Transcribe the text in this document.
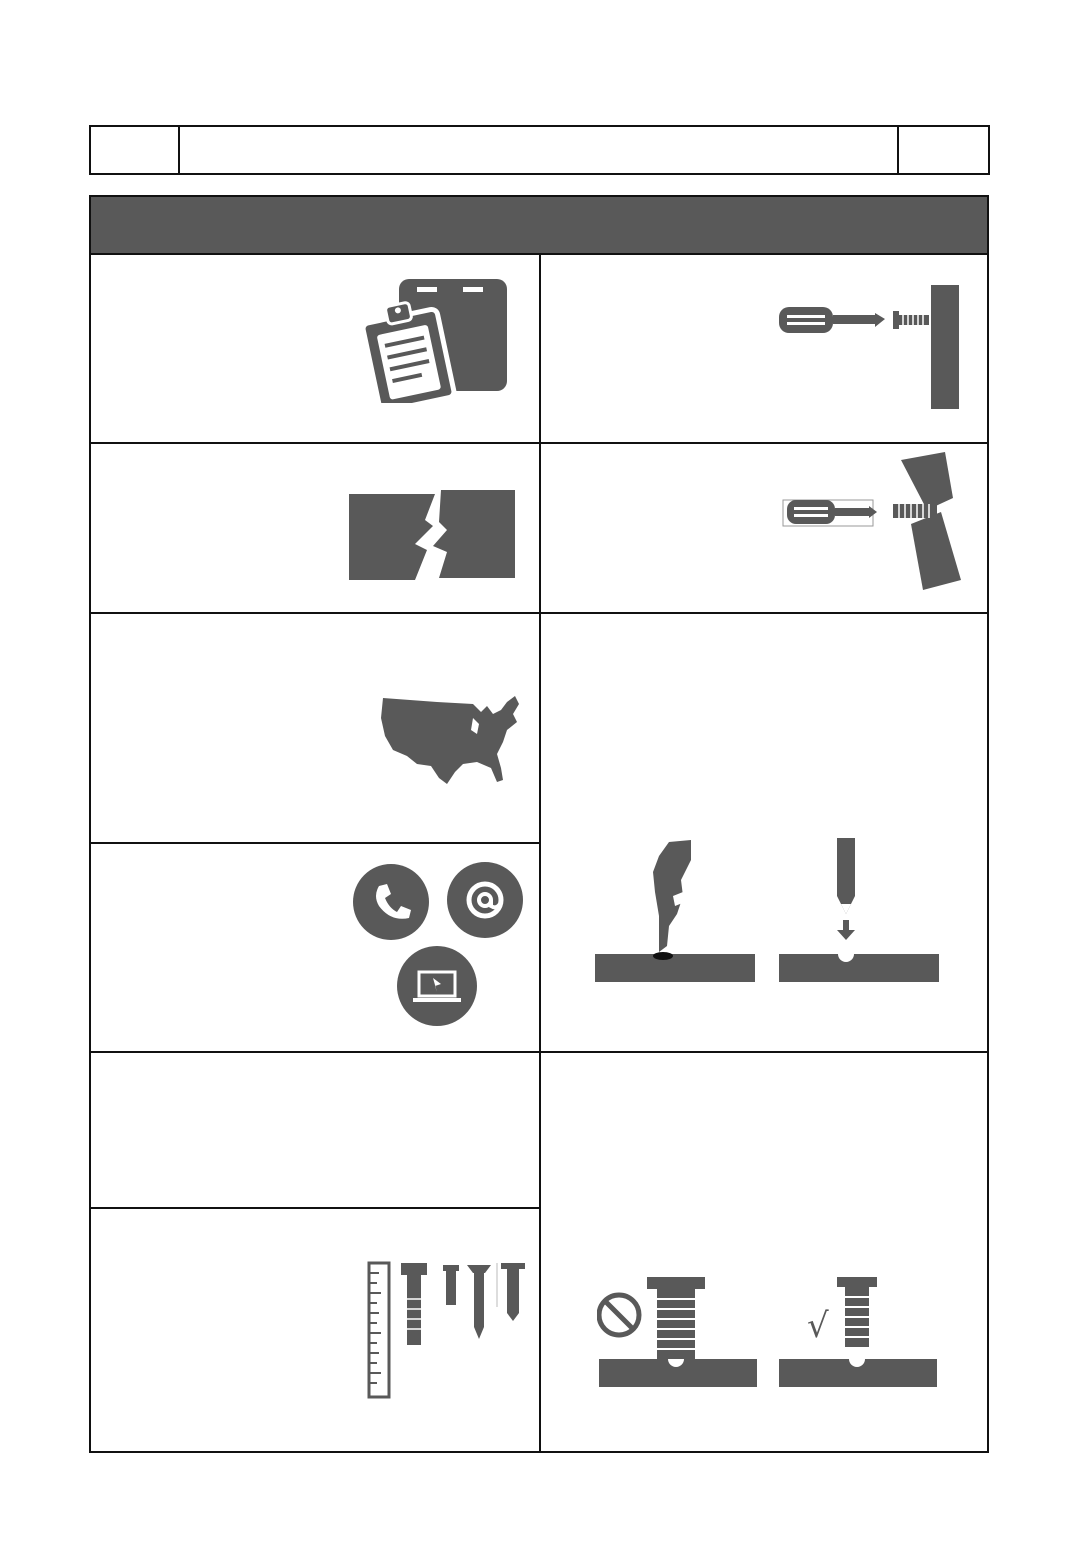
√
